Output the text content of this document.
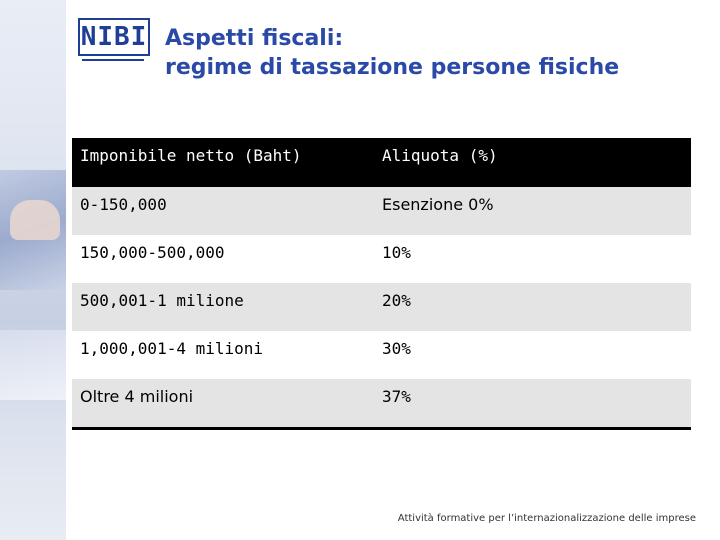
NIBI Aspetti fiscali:
regime di tassazione persone fisiche
Imponibile netto (Baht)	Aliquota (%)
0-150,000	Esenzione 0%
150,000-500,000	10%
500,001-1 milione	20%
1,000,001-4 milioni	30%
Oltre 4 milioni	37%
Attività formative per l’internazionalizzazione delle imprese
